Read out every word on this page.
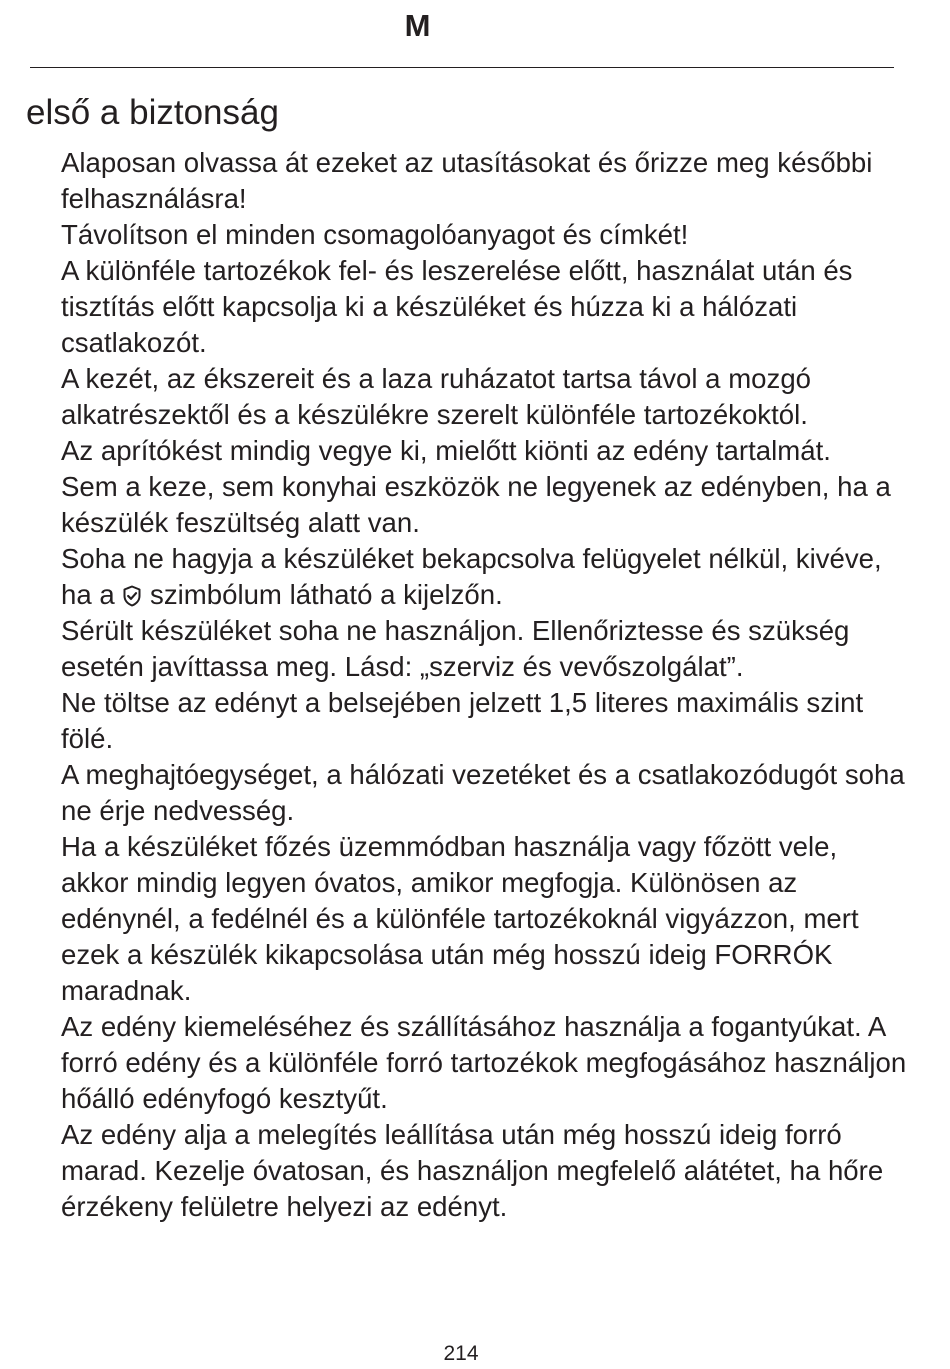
M
első a biztonság

Alaposan olvassa át ezeket az utasításokat és őrizze meg későbbi felhasználásra!

Távolítson el minden csomagolóanyagot és címkét!

A különféle tartozékok fel- és leszerelése előtt, használat után és tisztítás előtt kapcsolja ki a készüléket és húzza ki a hálózati csatlakozót.

A kezét, az ékszereit és a laza ruházatot tartsa távol a mozgó alkatrészektől és a készülékre szerelt különféle tartozékoktól.

Az aprítókést mindig vegye ki, mielőtt kiönti az edény tartalmát.

Sem a keze, sem konyhai eszközök ne legyenek az edényben, ha a készülék feszültség alatt van.

Soha ne hagyja a készüléket bekapcsolva felügyelet nélkül, kivéve, ha a
szimbólum látható a kijelzőn.

Sérült készüléket soha ne használjon. Ellenőriztesse és szükség esetén javíttassa meg. Lásd: „szerviz és vevőszolgálat”.

Ne töltse az edényt a belsejében jelzett 1,5 literes maximális szint fölé.

A meghajtóegységet, a hálózati vezetéket és a csatlakozódugót soha ne érje nedvesség.

Ha a készüléket főzés üzemmódban használja vagy főzött vele, akkor mindig legyen óvatos, amikor megfogja. Különösen az edénynél, a fedélnél és a különféle tartozékoknál vigyázzon, mert ezek a készülék kikapcsolása után még hosszú ideig FORRÓK maradnak.

Az edény kiemeléséhez és szállításához használja a fogantyúkat. A forró edény és a különféle forró tartozékok megfogásához használjon hőálló edényfogó kesztyűt.

Az edény alja a melegítés leállítása után még hosszú ideig forró marad. Kezelje óvatosan, és használjon megfelelő alátétet, ha hőre érzékeny felületre helyezi az edényt.

214
